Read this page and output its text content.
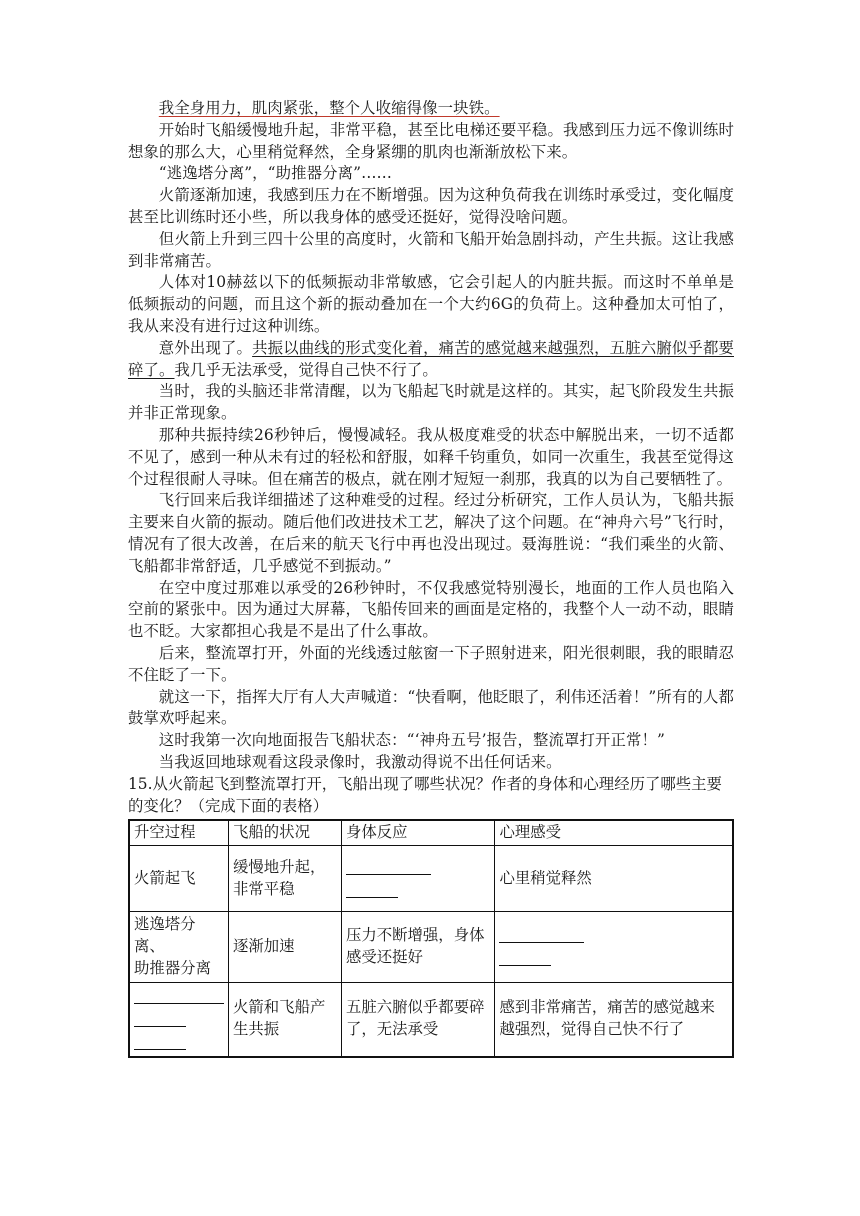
我全身用力，肌肉紧张，整个人收缩得像一块铁。

开始时飞船缓慢地升起，非常平稳，甚至比电梯还要平稳。我感到压力远不像训练时想象的那么大，心里稍觉释然，全身紧绷的肌肉也渐渐放松下来。

“逃逸塔分离”，“助推器分离”……

火箭逐渐加速，我感到压力在不断增强。因为这种负荷我在训练时承受过，变化幅度甚至比训练时还小些，所以我身体的感受还挺好，觉得没啥问题。

但火箭上升到三四十公里的高度时，火箭和飞船开始急剧抖动，产生共振。这让我感到非常痛苦。

人体对10赫兹以下的低频振动非常敏感，它会引起人的内脏共振。而这时不单单是低频振动的问题，而且这个新的振动叠加在一个大约6G的负荷上。这种叠加太可怕了，我从来没有进行过这种训练。

意外出现了。共振以曲线的形式变化着，痛苦的感觉越来越强烈，五脏六腑似乎都要碎了。我几乎无法承受，觉得自己快不行了。

当时，我的头脑还非常清醒，以为飞船起飞时就是这样的。其实，起飞阶段发生共振并非正常现象。

那种共振持续26秒钟后，慢慢减轻。我从极度难受的状态中解脱出来，一切不适都不见了，感到一种从未有过的轻松和舒服，如释千钧重负，如同一次重生，我甚至觉得这个过程很耐人寻味。但在痛苦的极点，就在刚才短短一刹那，我真的以为自己要牺牲了。

飞行回来后我详细描述了这种难受的过程。经过分析研究，工作人员认为，飞船共振主要来自火箭的振动。随后他们改进技术工艺，解决了这个问题。在“神舟六号”飞行时，情况有了很大改善，在后来的航天飞行中再也没出现过。聂海胜说：“我们乘坐的火箭、飞船都非常舒适，几乎感觉不到振动。”

在空中度过那难以承受的26秒钟时，不仅我感觉特别漫长，地面的工作人员也陷入空前的紧张中。因为通过大屏幕，飞船传回来的画面是定格的，我整个人一动不动，眼睛也不眨。大家都担心我是不是出了什么事故。

后来，整流罩打开，外面的光线透过舷窗一下子照射进来，阳光很刺眼，我的眼睛忍不住眨了一下。

就这一下，指挥大厅有人大声喊道：“快看啊，他眨眼了，利伟还活着！”所有的人都鼓掌欢呼起来。

这时我第一次向地面报告飞船状态：“‘神舟五号’报告，整流罩打开正常！”

当我返回地球观看这段录像时，我激动得说不出任何话来。

15.从火箭起飞到整流罩打开，飞船出现了哪些状况？作者的身体和心理经历了哪些主要的变化？（完成下面的表格）

升空过程	飞船的状况	身体反应	心理感受
火箭起飞	缓慢地升起，非常平稳		心里稍觉释然
逃逸塔分
离、
助推器分离	逐渐加速	压力不断增强，身体感受还挺好	

	火箭和飞船产生共振	五脏六腑似乎都要碎了，无法承受	感到非常痛苦，痛苦的感觉越来越强烈，觉得自己快不行了
